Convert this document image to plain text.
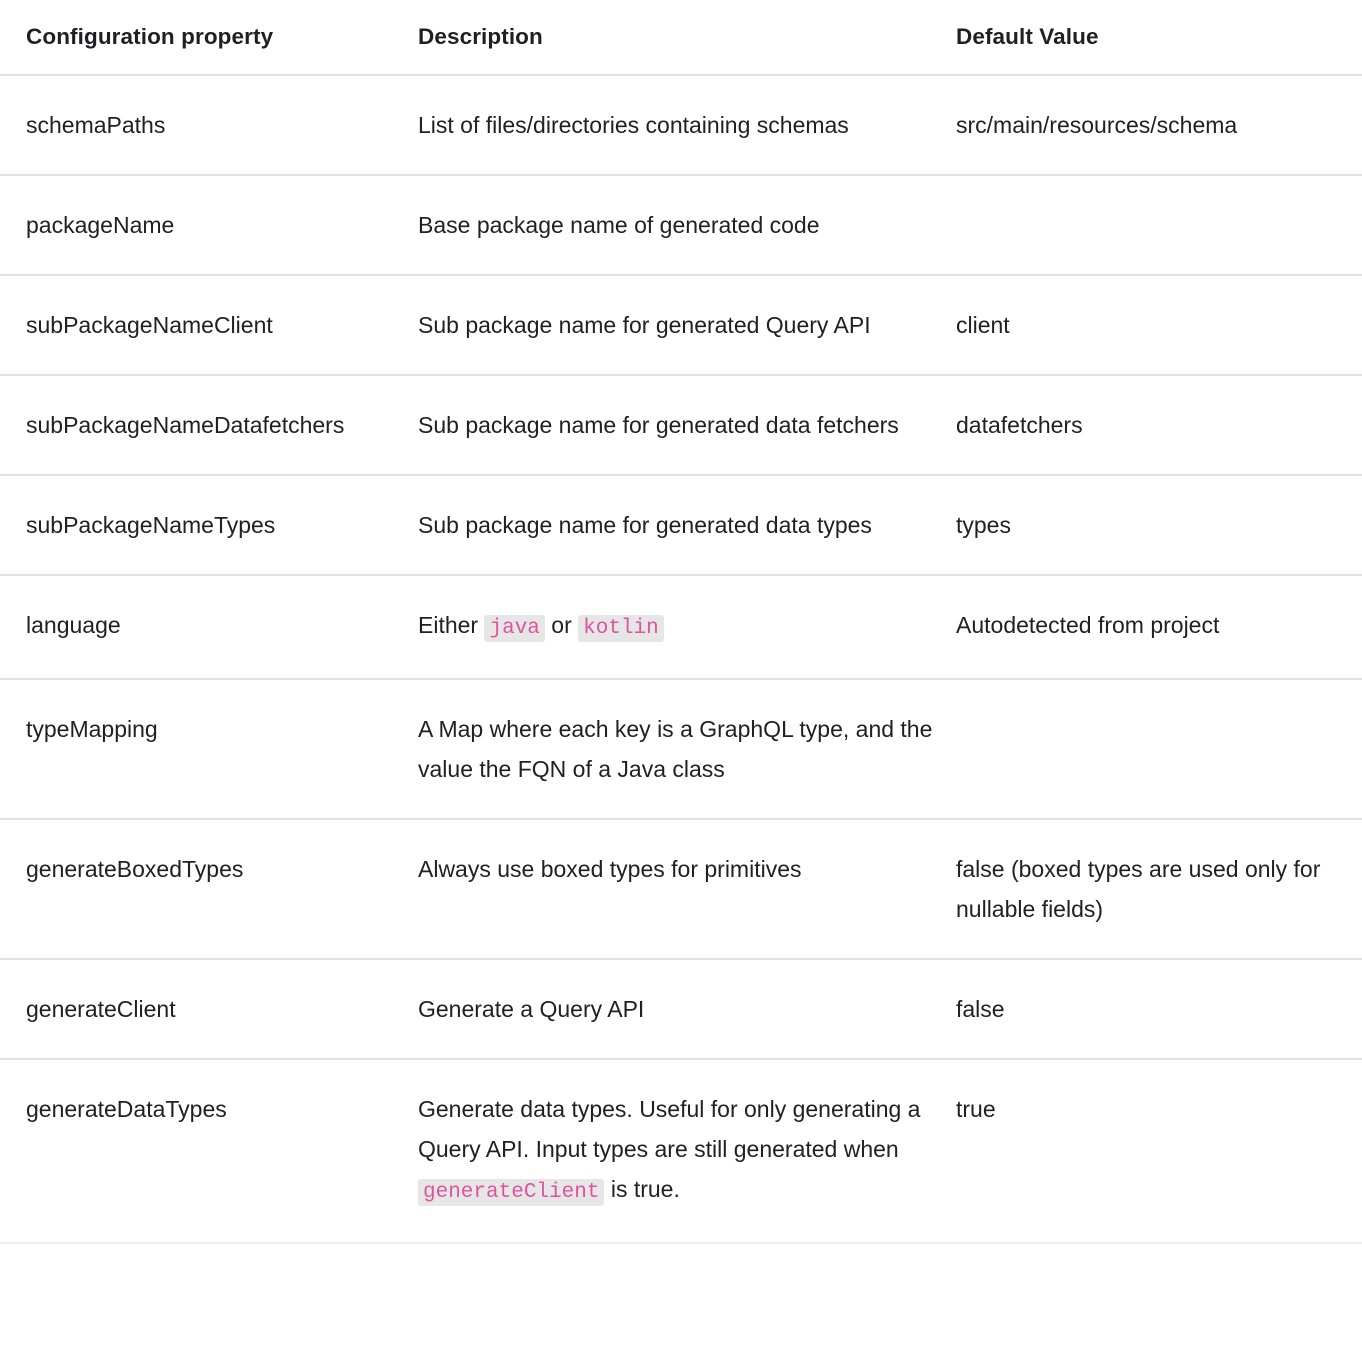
Configuration property	Description	Default Value
schemaPaths	List of files/directories containing schemas	src/main/resources/schema
packageName	Base package name of generated code	
subPackageNameClient	Sub package name for generated Query API	client
subPackageNameDatafetchers	Sub package name for generated data fetchers	datafetchers
subPackageNameTypes	Sub package name for generated data types	types
language	Either java or kotlin	Autodetected from project
typeMapping	A Map where each key is a GraphQL type, and the value the FQN of a Java class	
generateBoxedTypes	Always use boxed types for primitives	false (boxed types are used only for nullable fields)
generateClient	Generate a Query API	false
generateDataTypes	Generate data types. Useful for only generating a Query API. Input types are still generated when generateClient is true.	true
